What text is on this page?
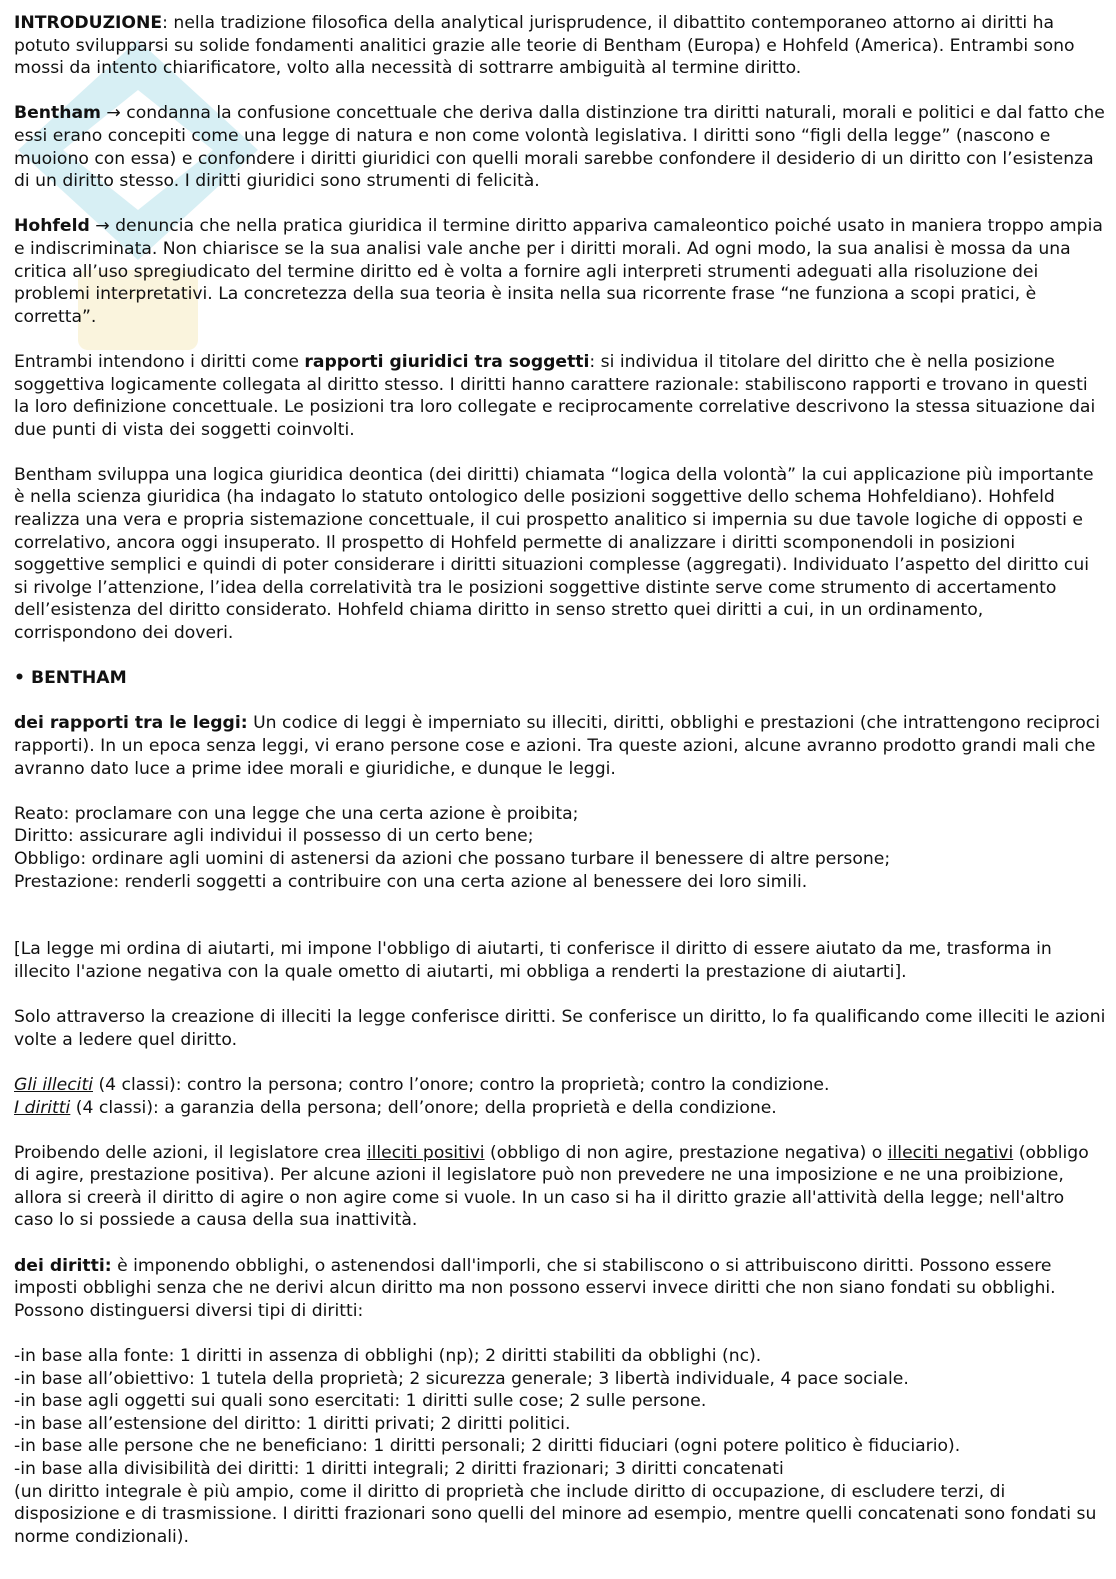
INTRODUZIONE: nella tradizione filosofica della analytical jurisprudence, il dibattito contemporaneo attorno ai diritti ha potuto svilupparsi su solide fondamenti analitici grazie alle teorie di Bentham (Europa) e Hohfeld (America). Entrambi sono mossi da intento chiarificatore, volto alla necessità di sottrarre ambiguità al termine diritto.

Bentham → condanna la confusione concettuale che deriva dalla distinzione tra diritti naturali, morali e politici e dal fatto che essi erano concepiti come una legge di natura e non come volontà legislativa. I diritti sono “figli della legge” (nascono e muoiono con essa) e confondere i diritti giuridici con quelli morali sarebbe confondere il desiderio di un diritto con l’esistenza di un diritto stesso. I diritti giuridici sono strumenti di felicità.

Hohfeld → denuncia che nella pratica giuridica il termine diritto appariva camaleontico poiché usato in maniera troppo ampia e indiscriminata. Non chiarisce se la sua analisi vale anche per i diritti morali. Ad ogni modo, la sua analisi è mossa da una critica all’uso spregiudicato del termine diritto ed è volta a fornire agli interpreti strumenti adeguati alla risoluzione dei problemi interpretativi. La concretezza della sua teoria è insita nella sua ricorrente frase “ne funziona a scopi pratici, è corretta”.

Entrambi intendono i diritti come rapporti giuridici tra soggetti: si individua il titolare del diritto che è nella posizione soggettiva logicamente collegata al diritto stesso. I diritti hanno carattere razionale: stabiliscono rapporti e trovano in questi la loro definizione concettuale. Le posizioni tra loro collegate e reciprocamente correlative descrivono la stessa situazione dai due punti di vista dei soggetti coinvolti.

Bentham sviluppa una logica giuridica deontica (dei diritti) chiamata “logica della volontà” la cui applicazione più importante è nella scienza giuridica (ha indagato lo statuto ontologico delle posizioni soggettive dello schema Hohfeldiano). Hohfeld realizza una vera e propria sistemazione concettuale, il cui prospetto analitico si impernia su due tavole logiche di opposti e correlativo, ancora oggi insuperato. Il prospetto di Hohfeld permette di analizzare i diritti scomponendoli in posizioni soggettive semplici e quindi di poter considerare i diritti situazioni complesse (aggregati). Individuato l’aspetto del diritto cui si rivolge l’attenzione, l’idea della correlatività tra le posizioni soggettive distinte serve come strumento di accertamento dell’esistenza del diritto considerato. Hohfeld chiama diritto in senso stretto quei diritti a cui, in un ordinamento, corrispondono dei doveri.

• BENTHAM

dei rapporti tra le leggi: Un codice di leggi è imperniato su illeciti, diritti, obblighi e prestazioni (che intrattengono reciproci rapporti). In un epoca senza leggi, vi erano persone cose e azioni. Tra queste azioni, alcune avranno prodotto grandi mali che avranno dato luce a prime idee morali e giuridiche, e dunque le leggi.

Reato: proclamare con una legge che una certa azione è proibita;
Diritto: assicurare agli individui il possesso di un certo bene;
Obbligo: ordinare agli uomini di astenersi da azioni che possano turbare il benessere di altre persone;
Prestazione: renderli soggetti a contribuire con una certa azione al benessere dei loro simili.

[La legge mi ordina di aiutarti, mi impone l'obbligo di aiutarti, ti conferisce il diritto di essere aiutato da me, trasforma in illecito l'azione negativa con la quale ometto di aiutarti, mi obbliga a renderti la prestazione di aiutarti].

Solo attraverso la creazione di illeciti la legge conferisce diritti. Se conferisce un diritto, lo fa qualificando come illeciti le azioni volte a ledere quel diritto.

Gli illeciti (4 classi): contro la persona; contro l’onore; contro la proprietà; contro la condizione.

I diritti (4 classi): a garanzia della persona; dell’onore; della proprietà e della condizione.

Proibendo delle azioni, il legislatore crea illeciti positivi (obbligo di non agire, prestazione negativa) o illeciti negativi (obbligo di agire, prestazione positiva). Per alcune azioni il legislatore può non prevedere ne una imposizione e ne una proibizione, allora si creerà il diritto di agire o non agire come si vuole. In un caso si ha il diritto grazie all'attività della legge; nell'altro caso lo si possiede a causa della sua inattività.

dei diritti: è imponendo obblighi, o astenendosi dall'imporli, che si stabiliscono o si attribuiscono diritti. Possono essere imposti obblighi senza che ne derivi alcun diritto ma non possono esservi invece diritti che non siano fondati su obblighi. Possono distinguersi diversi tipi di diritti:

-in base alla fonte: 1 diritti in assenza di obblighi (np); 2 diritti stabiliti da obblighi (nc).
-in base all’obiettivo: 1 tutela della proprietà; 2 sicurezza generale; 3 libertà individuale, 4 pace sociale.
-in base agli oggetti sui quali sono esercitati: 1 diritti sulle cose; 2 sulle persone.
-in base all’estensione del diritto: 1 diritti privati; 2 diritti politici.
-in base alle persone che ne beneficiano: 1 diritti personali; 2 diritti fiduciari (ogni potere politico è fiduciario).
-in base alla divisibilità dei diritti: 1 diritti integrali; 2 diritti frazionari; 3 diritti concatenati

(un diritto integrale è più ampio, come il diritto di proprietà che include diritto di occupazione, di escludere terzi, di disposizione e di trasmissione. I diritti frazionari sono quelli del minore ad esempio, mentre quelli concatenati sono fondati su norme condizionali).
